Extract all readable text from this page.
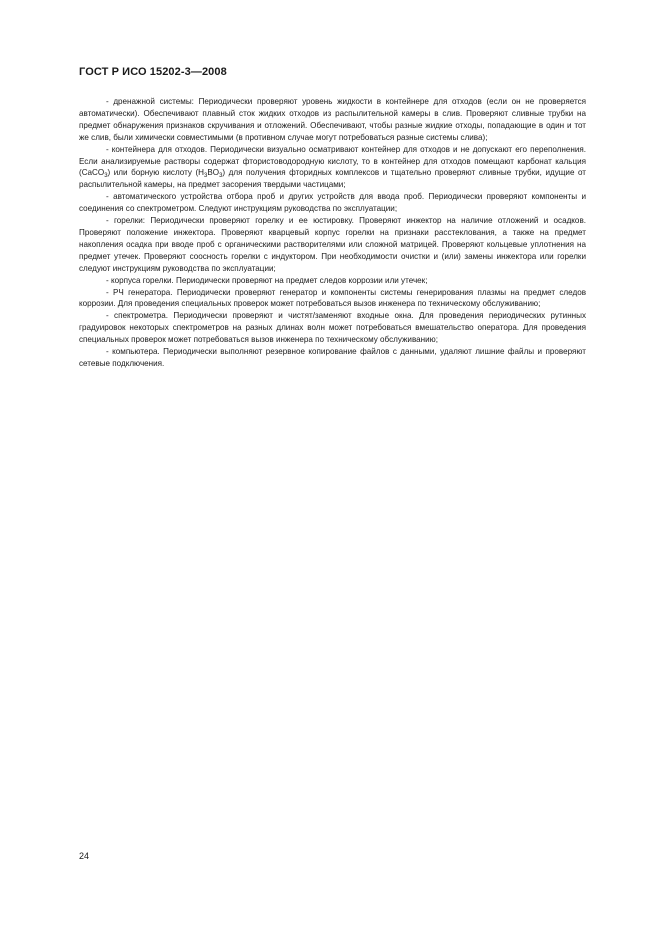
ГОСТ Р ИСО 15202-3—2008

- дренажной системы: Периодически проверяют уровень жидкости в контейнере для отходов (если он не проверяется автоматически). Обеспечивают плавный сток жидких отходов из распылительной камеры в слив. Проверяют сливные трубки на предмет обнаружения признаков скручивания и отложений. Обеспечивают, чтобы разные жидкие отходы, попадающие в один и тот же слив, были химически совместимыми (в противном случае могут потребоваться разные системы слива);

- контейнера для отходов. Периодически визуально осматривают контейнер для отходов и не допускают его переполнения. Если анализируемые растворы содержат фтористоводородную кислоту, то в контейнер для отходов помещают карбонат кальция (CaCO$_3$) или борную кислоту $(H_3BO_3)$ для получения фторидных комплексов и тщательно проверяют сливные трубки, идущие от распылительной камеры, на предмет засорения твердыми частицами;

- автоматического устройства отбора проб и других устройств для ввода проб. Периодически проверяют компоненты и соединения со спектрометром. Следуют инструкциям руководства по эксплуатации;

- горелки: Периодически проверяют горелку и ее юстировку. Проверяют инжектор на наличие отложений и осадков. Проверяют положение инжектора. Проверяют кварцевый корпус горелки на признаки расстеклования, а также на предмет накопления осадка при вводе проб с органическими растворителями или сложной матрицей. Проверяют кольцевые уплотнения на предмет утечек. Проверяют соосность горелки с индуктором. При необходимости очистки и (или) замены инжектора или горелки следуют инструкциям руководства по эксплуатации;

- корпуса горелки. Периодически проверяют на предмет следов коррозии или утечек;

- РЧ генератора. Периодически проверяют генератор и компоненты системы генерирования плазмы на предмет следов коррозии. Для проведения специальных проверок может потребоваться вызов инженера по техническому обслуживанию;

- спектрометра. Периодически проверяют и чистят/заменяют входные окна. Для проведения периодических рутинных градуировок некоторых спектрометров на разных длинах волн может потребоваться вмешательство оператора. Для проведения специальных проверок может потребоваться вызов инженера по техническому обслуживанию;

- компьютера. Периодически выполняют резервное копирование файлов с данными, удаляют лишние файлы и проверяют сетевые подключения.

24
